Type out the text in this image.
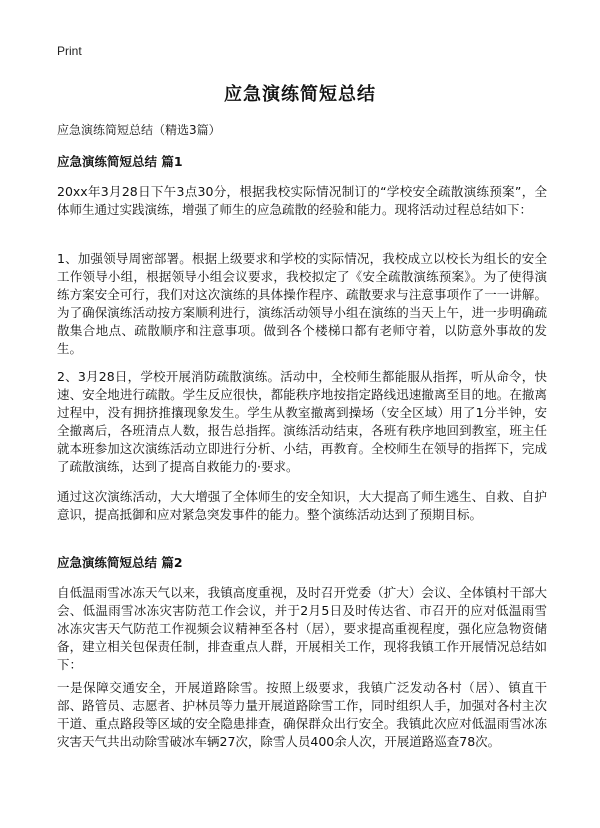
Print
应急演练简短总结
应急演练简短总结（精选3篇）
应急演练简短总结 篇1
20xx年3月28日下午3点30分，根据我校实际情况制订的“学校安全疏散演练预案”，全体师生通过实践演练，增强了师生的应急疏散的经验和能力。现将活动过程总结如下：
1、加强领导周密部署。根据上级要求和学校的实际情况，我校成立以校长为组长的安全工作领导小组，根据领导小组会议要求，我校拟定了《安全疏散演练预案》。为了使得演练方案安全可行，我们对这次演练的具体操作程序、疏散要求与注意事项作了一一讲解。为了确保演练活动按方案顺利进行，演练活动领导小组在演练的当天上午，进一步明确疏散集合地点、疏散顺序和注意事项。做到各个楼梯口都有老师守着，以防意外事故的发生。
2、3月28日，学校开展消防疏散演练。活动中，全校师生都能服从指挥，听从命令，快速、安全地进行疏散。学生反应很快，都能秩序地按指定路线迅速撤离至目的地。在撤离过程中，没有拥挤推攘现象发生。学生从教室撤离到操场（安全区域）用了1分半钟，安全撤离后，各班清点人数，报告总指挥。演练活动结束，各班有秩序地回到教室，班主任就本班参加这次演练活动立即进行分析、小结，再教育。全校师生在领导的指挥下，完成了疏散演练，达到了提高自救能力的·要求。
通过这次演练活动，大大增强了全体师生的安全知识，大大提高了师生逃生、自救、自护意识，提高抵御和应对紧急突发事件的能力。整个演练活动达到了预期目标。
应急演练简短总结 篇2
自低温雨雪冰冻天气以来，我镇高度重视，及时召开党委（扩大）会议、全体镇村干部大会、低温雨雪冰冻灾害防范工作会议，并于2月5日及时传达省、市召开的应对低温雨雪冰冻灾害天气防范工作视频会议精神至各村（居），要求提高重视程度，强化应急物资储备，建立相关包保责任制，排查重点人群，开展相关工作，现将我镇工作开展情况总结如下：
一是保障交通安全，开展道路除雪。按照上级要求，我镇广泛发动各村（居）、镇直干部、路管员、志愿者、护林员等力量开展道路除雪工作，同时组织人手，加强对各村主次干道、重点路段等区域的安全隐患排查，确保群众出行安全。我镇此次应对低温雨雪冰冻灾害天气共出动除雪破冰车辆27次，除雪人员400余人次，开展道路巡查78次。
